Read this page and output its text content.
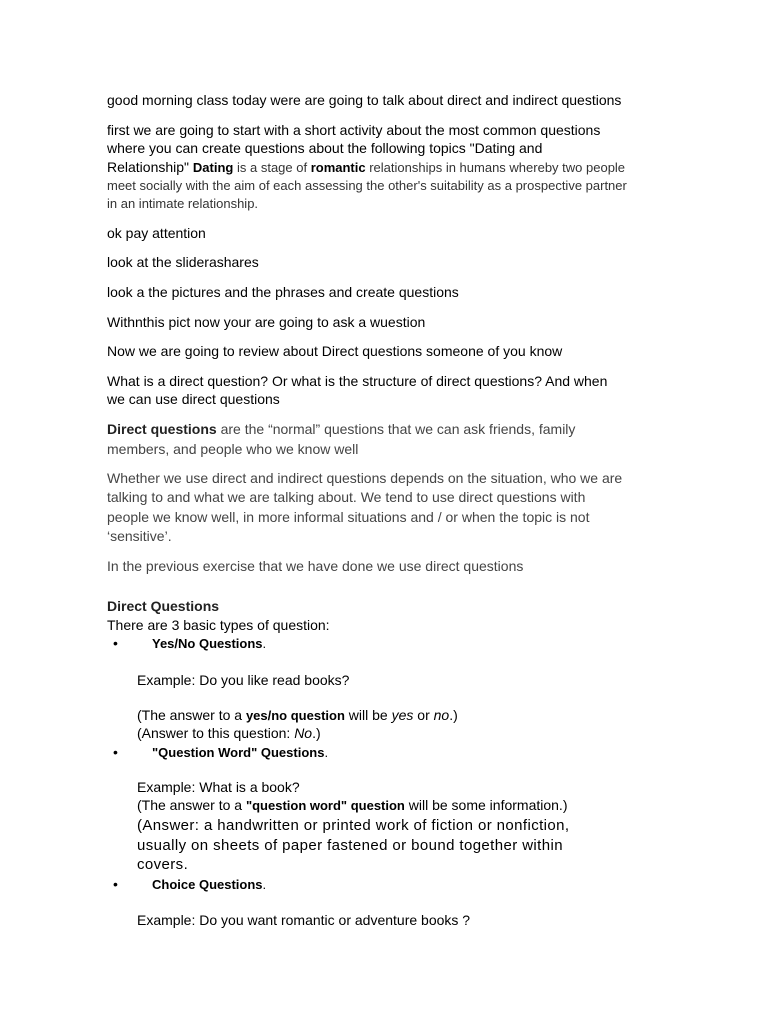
good morning class today were are going to talk about direct and indirect questions
first we are going to start with a short activity about the most common questions
where you can create questions about the following topics "Dating and
Relationship" Dating is a stage of romantic relationships in humans whereby two people
meet socially with the aim of each assessing the other's suitability as a prospective partner
in an intimate relationship.
ok pay attention
look at the sliderashares
look a the pictures and the phrases and create questions
Withnthis pict now your are going to ask a wuestion
Now we are going to review about Direct questions someone of you know
What is a direct question? Or what is the structure of direct questions? And when
we can use direct questions
Direct questions are the “normal” questions that we can ask friends, family
members, and people who we know well
Whether we use direct and indirect questions depends on the situation, who we are
talking to and what we are talking about. We tend to use direct questions with
people we know well, in more informal situations and / or when the topic is not
‘sensitive’.
In the previous exercise that we have done we use direct questions
Direct Questions
There are 3 basic types of question:
•	Yes/No Questions.
Example: Do you like read books?
(The answer to a yes/no question will be yes or no.)
(Answer to this question: No.)
•	"Question Word" Questions.
Example: What is a book?
(The answer to a "question word" question will be some information.)
(Answer: a handwritten or printed work of fiction or nonfiction,
usually on sheets of paper fastened or bound together within
covers.
•	Choice Questions.
Example: Do you want romantic or adventure books ?
